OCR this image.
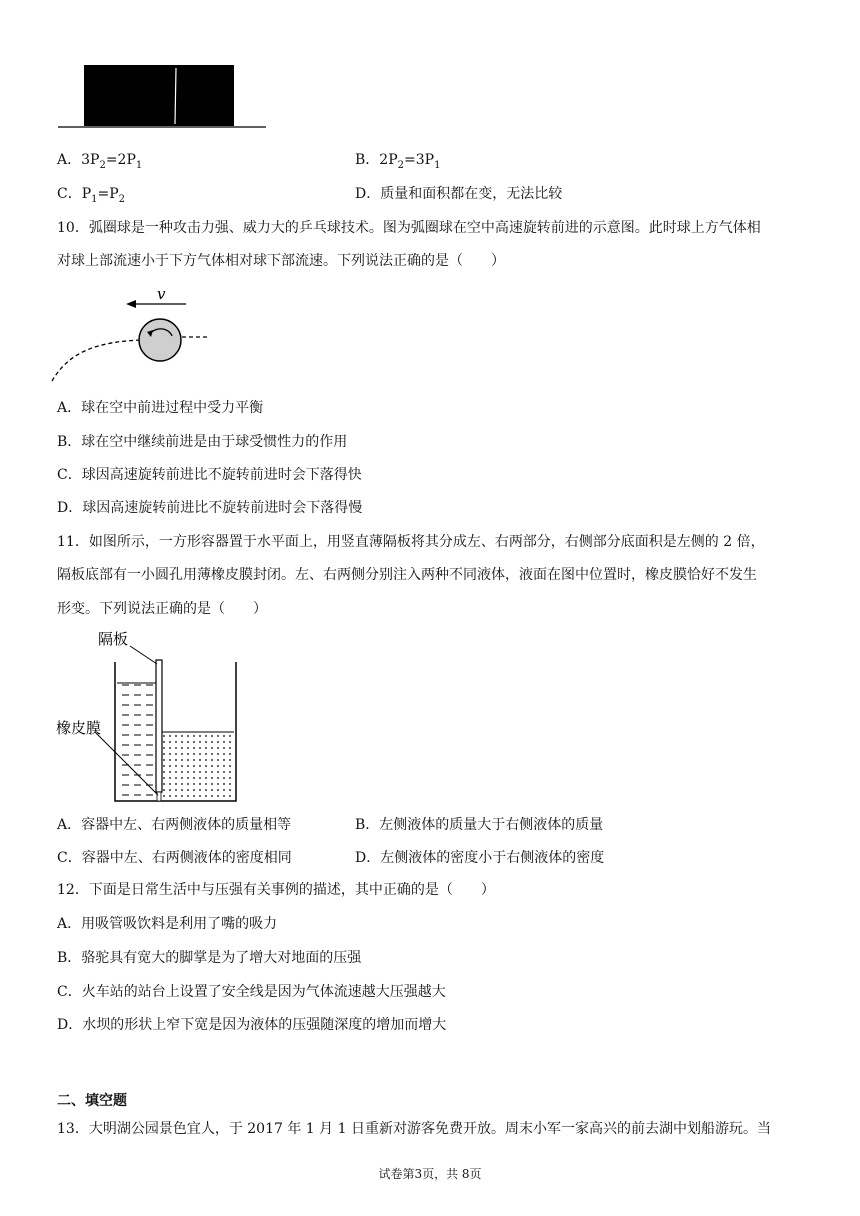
A．$3P_2=2P_1$	B．$2P_2=3P_1$
C．$P_1=P_2$	D．质量和面积都在变，无法比较
10．弧圈球是一种攻击力强、威力大的乒乓球技术。图为弧圈球在空中高速旋转前进的示意图。此时球上方气体相
对球上部流速小于下方气体相对球下部流速。下列说法正确的是（　　）
v
A．球在空中前进过程中受力平衡
B．球在空中继续前进是由于球受惯性力的作用
C．球因高速旋转前进比不旋转前进时会下落得快
D．球因高速旋转前进比不旋转前进时会下落得慢
11．如图所示，一方形容器置于水平面上，用竖直薄隔板将其分成左、右两部分，右侧部分底面积是左侧的 2 倍，
隔板底部有一小圆孔用薄橡皮膜封闭。左、右两侧分别注入两种不同液体，液面在图中位置时，橡皮膜恰好不发生
形变。下列说法正确的是（　　）
隔板
橡皮膜
A．容器中左、右两侧液体的质量相等	B．左侧液体的质量大于右侧液体的质量
C．容器中左、右两侧液体的密度相同	D．左侧液体的密度小于右侧液体的密度
12．下面是日常生活中与压强有关事例的描述，其中正确的是（　　）
A．用吸管吸饮料是利用了嘴的吸力
B．骆驼具有宽大的脚掌是为了增大对地面的压强
C．火车站的站台上设置了安全线是因为气体流速越大压强越大
D．水坝的形状上窄下宽是因为液体的压强随深度的增加而增大
二、填空题
13．大明湖公园景色宜人，于 2017 年 1 月 1 日重新对游客免费开放。周末小军一家高兴的前去湖中划船游玩。当
试卷第3页，共 8页
